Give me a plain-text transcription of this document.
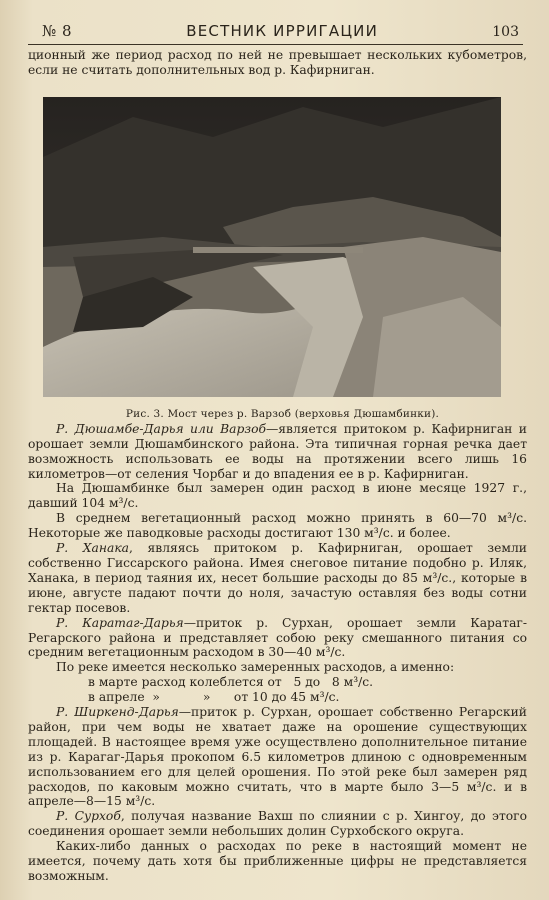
№ 8	ВЕСТНИК ИРРИГАЦИИ	103

ционный же период расход по ней не превышает нескольких кубометров, если не считать дополнительных вод р. Кафирниган.

Рис. 3. Мост через р. Варзоб (верховья Дюшамбинки).

Р. Дюшамбе-Дарья или Варзоб—является притоком р. Кафирниган и орошает земли Дюшамбинского района. Эта типичная горная речка дает возможность использовать ее воды на протяжении всего лишь 16 километров—от селения Чорбаг и до впадения ее в р. Кафирниган.

На Дюшамбинке был замерен один расход в июне месяце 1927 г., давший 104 м³/с.

В среднем вегетационный расход можно принять в 60—70 м³/с. Некоторые же паводковые расходы достигают 130 м³/с. и более.

Р. Ханака, являясь притоком р. Кафирниган, орошает земли собственно Гиссарского района. Имея снеговое питание подобно р. Иляк, Ханака, в период таяния их, несет большие расходы до 85 м³/с., которые в июне, августе падают почти до ноля, зачастую оставляя без воды сотни гектар посевов.

Р. Каратаг-Дарья—приток р. Сурхан, орошает земли Каратаг-Регарского района и представляет собою реку смешанного питания со средним вегетационным расходом в 30—40 м³/с.

По реке имеется несколько замеренных расходов, а именно:

в марте расход колеблется от   5 до   8 м³/с.

в апреле  »           »      от 10 до 45 м³/с.

Р. Ширкенд-Дарья—приток р. Сурхан, орошает собственно Регарский район, при чем воды не хватает даже на орошение существующих площадей. В настоящее время уже осуществлено дополнительное питание из р. Карагаг-Дарья прокопом 6.5 километров длиною с одновременным использованием его для целей орошения. По этой реке был замерен ряд расходов, по каковым можно считать, что в марте было 3—5 м³/с. и в апреле—8—15 м³/с.

Р. Сурхоб, получая название Вахш по слиянии с р. Хингоу, до этого соединения орошает земли небольших долин Сурхобского округа.

Каких-либо данных о расходах по реке в настоящий момент не имеется, почему дать хотя бы приближенные цифры не представляется возможным.
